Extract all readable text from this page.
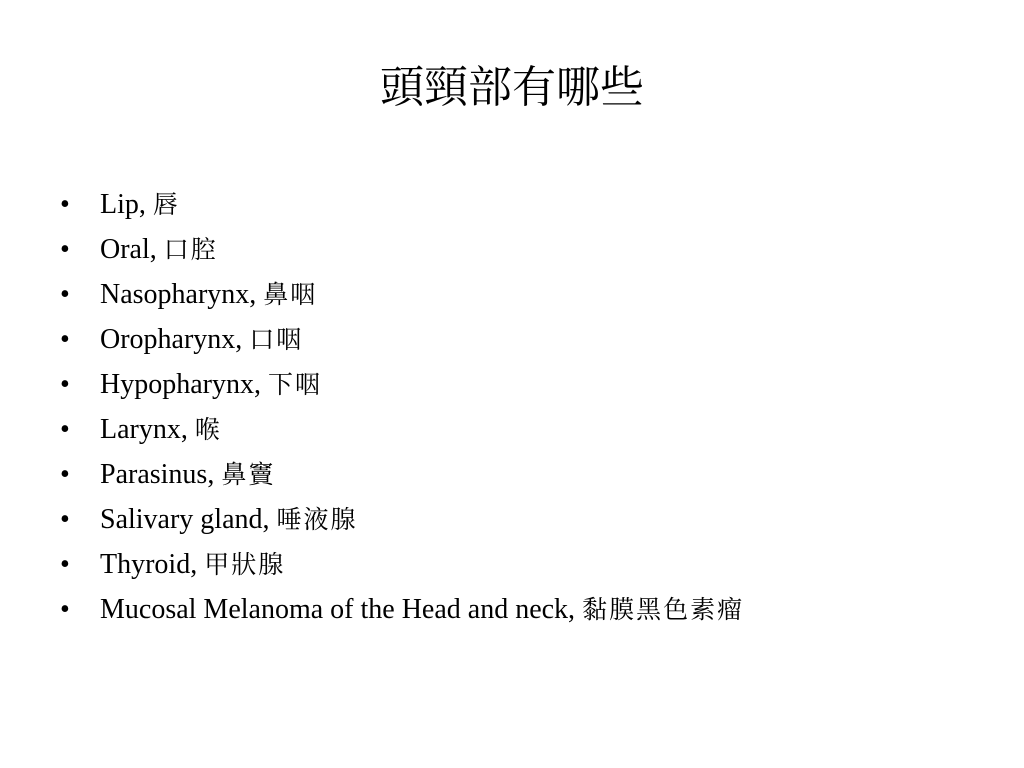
頭頸部有哪些
•	Lip, 唇
•	Oral, 口腔
•	Nasopharynx, 鼻咽
•	Oropharynx, 口咽
•	Hypopharynx, 下咽
•	Larynx, 喉
•	Parasinus, 鼻竇
•	Salivary gland, 唾液腺
•	Thyroid, 甲狀腺
•	Mucosal Melanoma of the Head and neck, 黏膜黑色素瘤
